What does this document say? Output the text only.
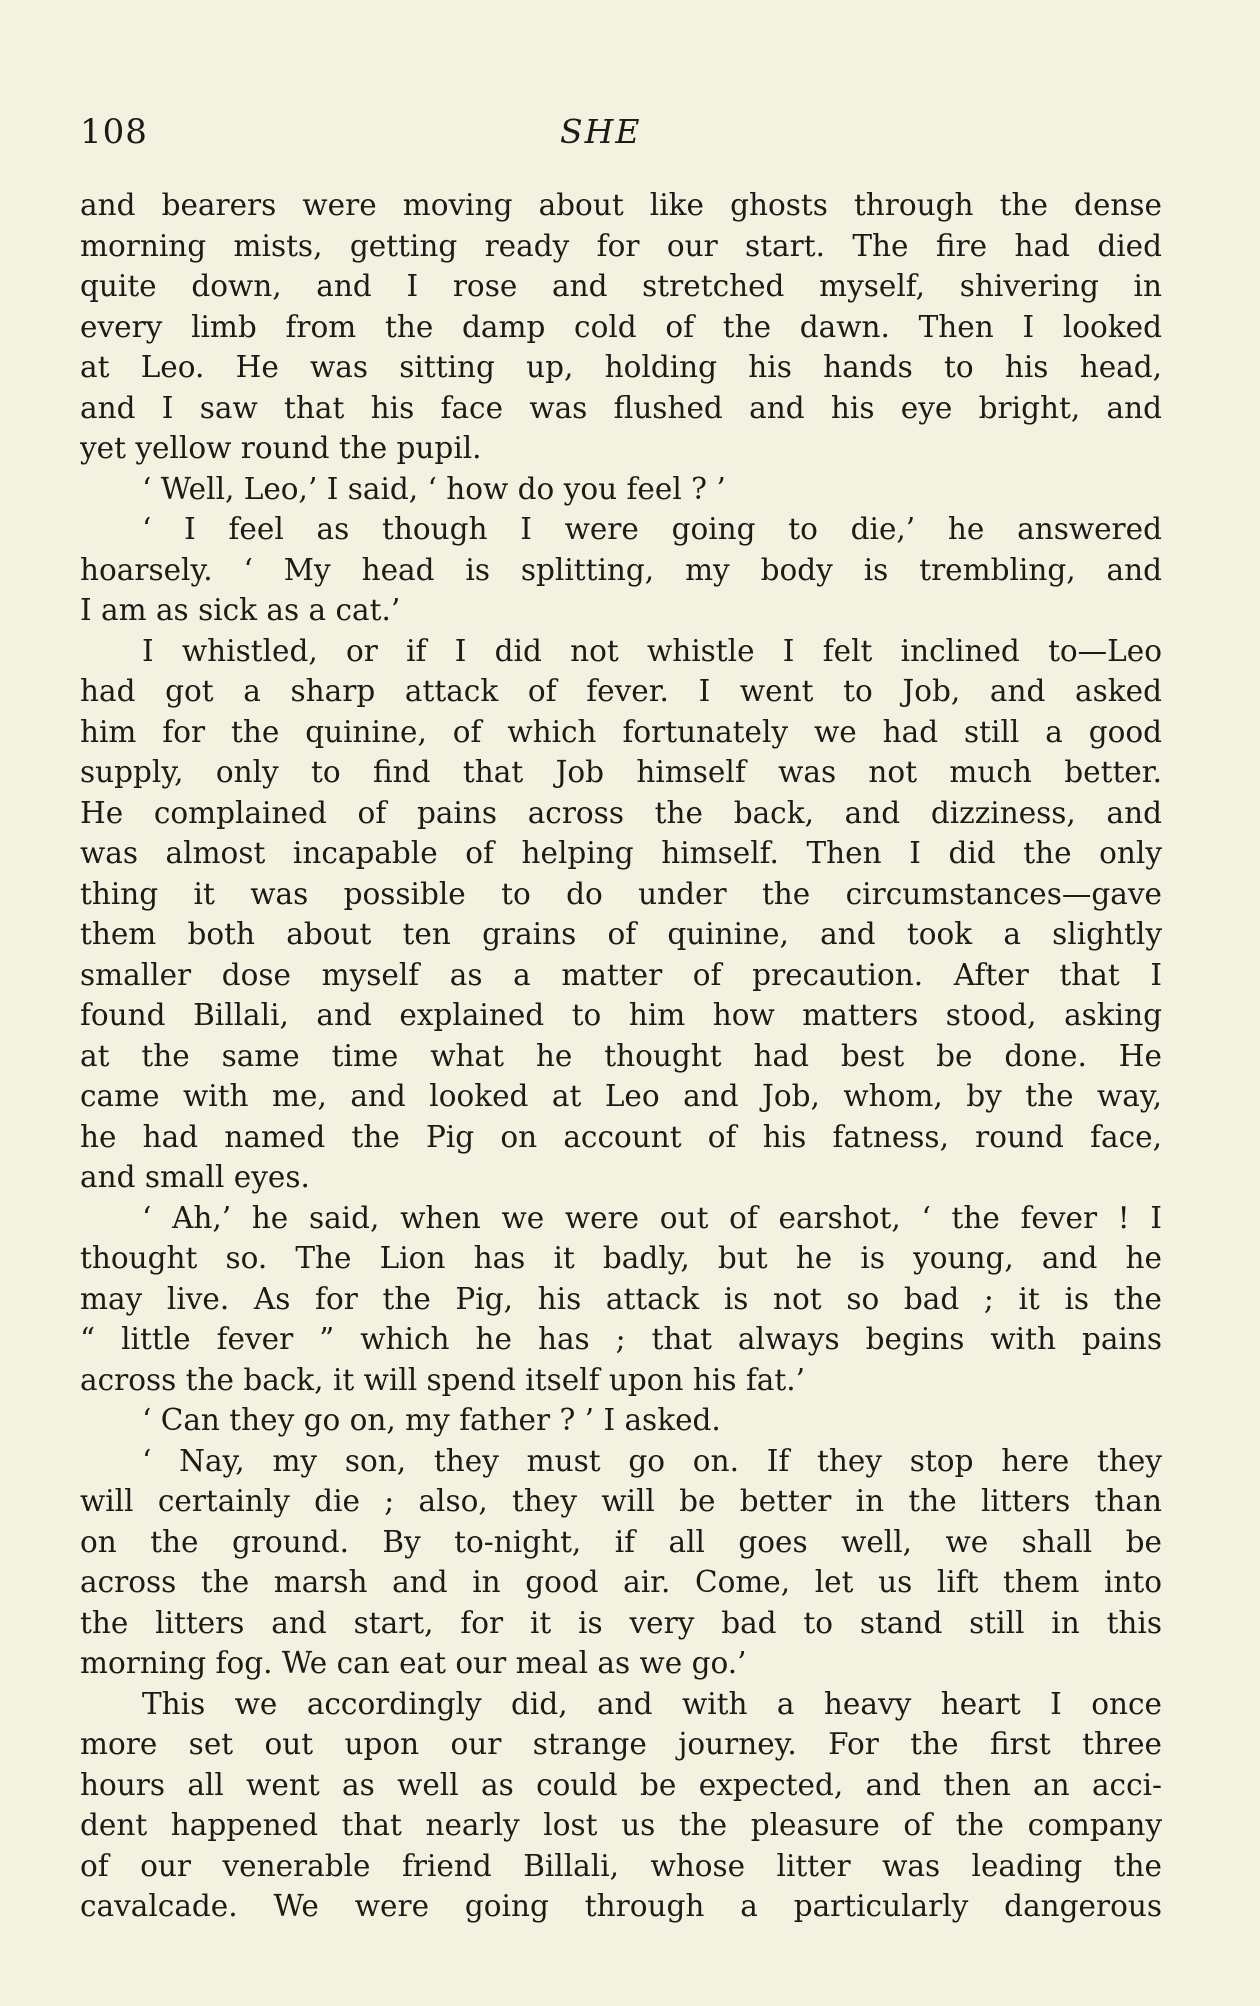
108	SHE
and bearers were moving about like ghosts through the dense
morning mists, getting ready for our start. The fire had died
quite down, and I rose and stretched myself, shivering in
every limb from the damp cold of the dawn. Then I looked
at Leo. He was sitting up, holding his hands to his head,
and I saw that his face was flushed and his eye bright, and
yet yellow round the pupil.
‘ Well, Leo,’ I said, ‘ how do you feel ? ’
‘ I feel as though I were going to die,’ he answered
hoarsely. ‘ My head is splitting, my body is trembling, and
I am as sick as a cat.’
I whistled, or if I did not whistle I felt inclined to—Leo
had got a sharp attack of fever. I went to Job, and asked
him for the quinine, of which fortunately we had still a good
supply, only to find that Job himself was not much better.
He complained of pains across the back, and dizziness, and
was almost incapable of helping himself. Then I did the only
thing it was possible to do under the circumstances—gave
them both about ten grains of quinine, and took a slightly
smaller dose myself as a matter of precaution. After that I
found Billali, and explained to him how matters stood, asking
at the same time what he thought had best be done. He
came with me, and looked at Leo and Job, whom, by the way,
he had named the Pig on account of his fatness, round face,
and small eyes.
‘ Ah,’ he said, when we were out of earshot, ‘ the fever ! I
thought so. The Lion has it badly, but he is young, and he
may live. As for the Pig, his attack is not so bad ; it is the
“ little fever ” which he has ; that always begins with pains
across the back, it will spend itself upon his fat.’
‘ Can they go on, my father ? ’ I asked.
‘ Nay, my son, they must go on. If they stop here they
will certainly die ; also, they will be better in the litters than
on the ground. By to-night, if all goes well, we shall be
across the marsh and in good air. Come, let us lift them into
the litters and start, for it is very bad to stand still in this
morning fog. We can eat our meal as we go.’
This we accordingly did, and with a heavy heart I once
more set out upon our strange journey. For the first three
hours all went as well as could be expected, and then an acci-
dent happened that nearly lost us the pleasure of the company
of our venerable friend Billali, whose litter was leading the
cavalcade. We were going through a particularly dangerous
